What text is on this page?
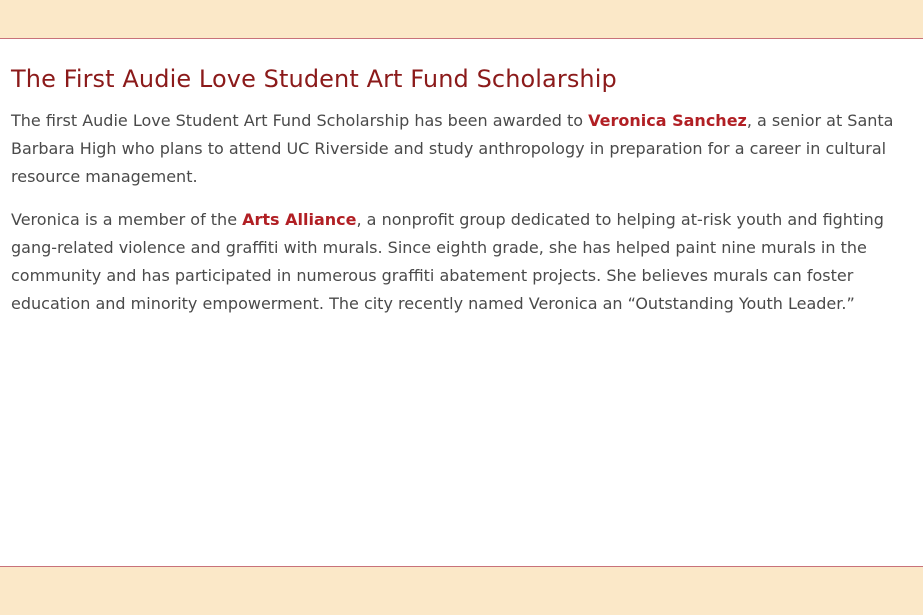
The First Audie Love Student Art Fund Scholarship

The first Audie Love Student Art Fund Scholarship has been awarded to Veronica Sanchez, a senior at Santa Barbara High who plans to attend UC Riverside and study anthropology in preparation for a career in cultural resource management.

Veronica is a member of the Arts Alliance, a nonprofit group dedicated to helping at-risk youth and fighting gang-related violence and graffiti with murals. Since eighth grade, she has helped paint nine murals in the community and has participated in numerous graffiti abatement projects. She believes murals can foster education and minority empowerment. The city recently named Veronica an “Outstanding Youth Leader.”
